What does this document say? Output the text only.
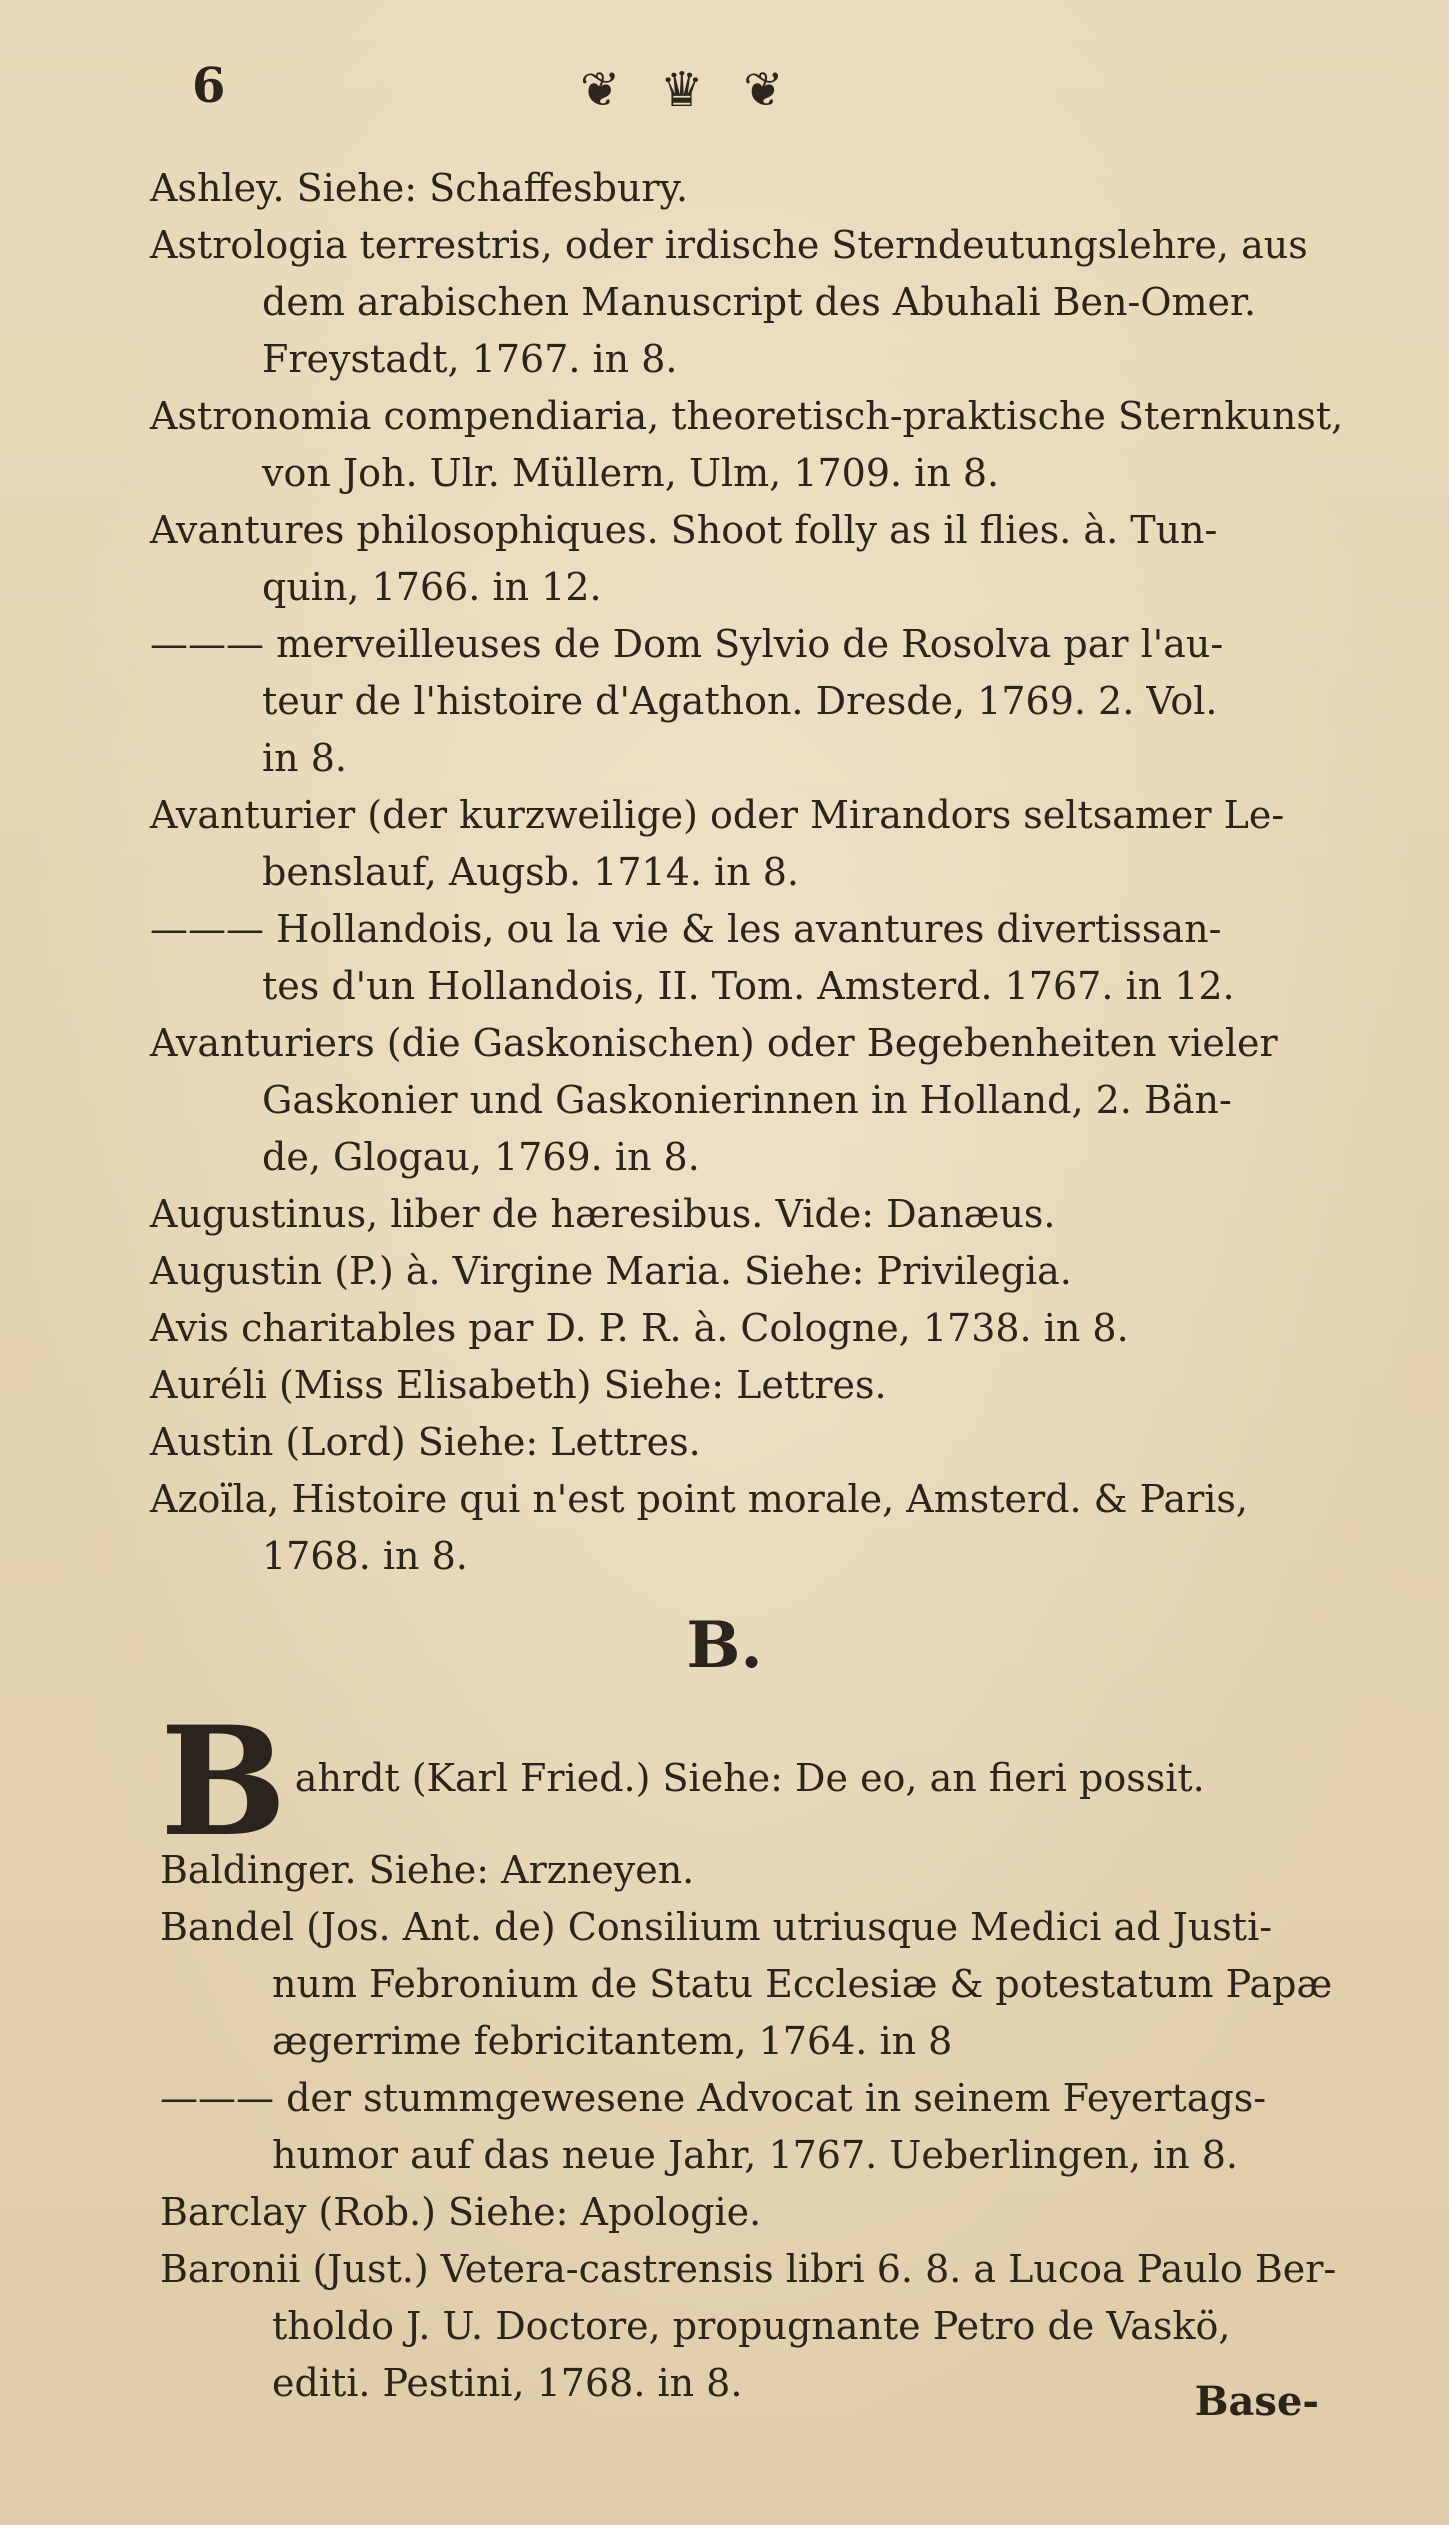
6	❦ ♛ ❦
Ashley. Siehe: Schaffesbury.
Astrologia terrestris, oder irdische Sterndeutungslehre, aus
dem arabischen Manuscript des Abuhali Ben-Omer.
Freystadt, 1767. in 8.
Astronomia compendiaria, theoretisch-praktische Sternkunst,
von Joh. Ulr. Müllern, Ulm, 1709. in 8.
Avantures philosophiques. Shoot folly as il flies. à. Tun-
quin, 1766. in 12.
——— merveilleuses de Dom Sylvio de Rosolva par l'au-
teur de l'histoire d'Agathon. Dresde, 1769. 2. Vol.
in 8.
Avanturier (der kurzweilige) oder Mirandors seltsamer Le-
benslauf, Augsb. 1714. in 8.
——— Hollandois, ou la vie & les avantures divertissan-
tes d'un Hollandois, II. Tom. Amsterd. 1767. in 12.
Avanturiers (die Gaskonischen) oder Begebenheiten vieler
Gaskonier und Gaskonierinnen in Holland, 2. Bän-
de, Glogau, 1769. in 8.
Augustinus, liber de hæresibus. Vide: Danæus.
Augustin (P.) à. Virgine Maria. Siehe: Privilegia.
Avis charitables par D. P. R. à. Cologne, 1738. in 8.
Auréli (Miss Elisabeth) Siehe: Lettres.
Austin (Lord) Siehe: Lettres.
Azoïla, Histoire qui n'est point morale, Amsterd. & Paris,
1768. in 8.
B.
B ahrdt (Karl Fried.) Siehe: De eo, an fieri possit.
Baldinger. Siehe: Arzneyen.
Bandel (Jos. Ant. de) Consilium utriusque Medici ad Justi-
num Febronium de Statu Ecclesiæ & potestatum Papæ
ægerrime febricitantem, 1764. in 8
——— der stummgewesene Advocat in seinem Feyertags-
humor auf das neue Jahr, 1767. Ueberlingen, in 8.
Barclay (Rob.) Siehe: Apologie.
Baronii (Just.) Vetera-castrensis libri 6. 8. a Lucoa Paulo Ber-
tholdo J. U. Doctore, propugnante Petro de Vaskö,
editi. Pestini, 1768. in 8.	Base-
